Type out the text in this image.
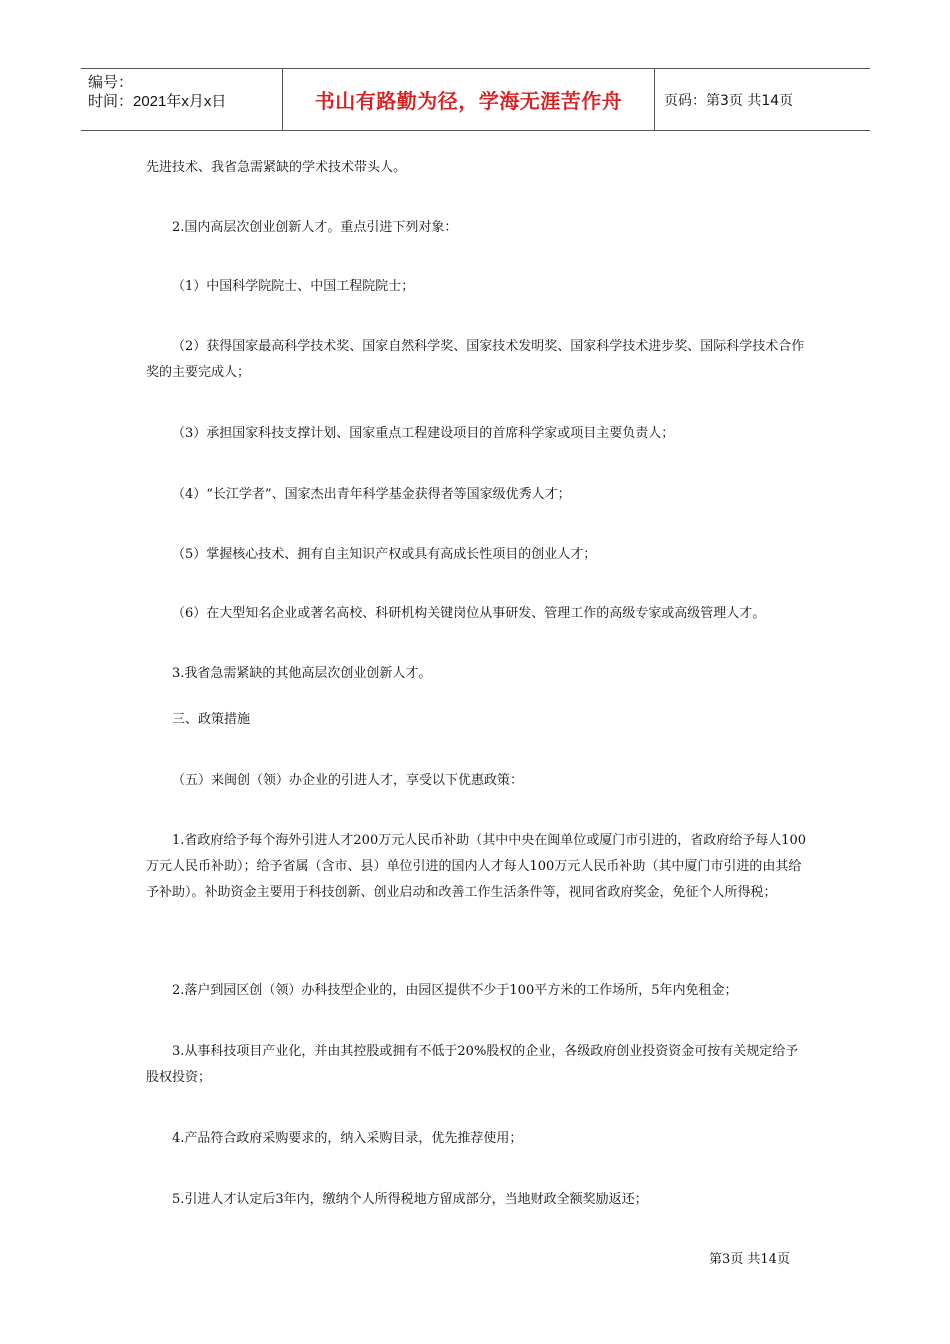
编号：
时间：2021年x月x日	书山有路勤为径，学海无涯苦作舟	页码：第3页 共14页

先进技术、我省急需紧缺的学术技术带头人。

2.国内高层次创业创新人才。重点引进下列对象：

（1）中国科学院院士、中国工程院院士；

（2）获得国家最高科学技术奖、国家自然科学奖、国家技术发明奖、国家科学技术进步奖、国际科学技术合作奖的主要完成人；

（3）承担国家科技支撑计划、国家重点工程建设项目的首席科学家或项目主要负责人；

（4）“长江学者”、国家杰出青年科学基金获得者等国家级优秀人才；

（5）掌握核心技术、拥有自主知识产权或具有高成长性项目的创业人才；

（6）在大型知名企业或著名高校、科研机构关键岗位从事研发、管理工作的高级专家或高级管理人才。

3.我省急需紧缺的其他高层次创业创新人才。

三、政策措施

（五）来闽创（领）办企业的引进人才，享受以下优惠政策：

1.省政府给予每个海外引进人才200万元人民币补助（其中中央在闽单位或厦门市引进的，省政府给予每人100万元人民币补助）；给予省属（含市、县）单位引进的国内人才每人100万元人民币补助（其中厦门市引进的由其给予补助）。补助资金主要用于科技创新、创业启动和改善工作生活条件等，视同省政府奖金，免征个人所得税；

2.落户到园区创（领）办科技型企业的，由园区提供不少于100平方米的工作场所，5年内免租金；

3.从事科技项目产业化，并由其控股或拥有不低于20%股权的企业，各级政府创业投资资金可按有关规定给予股权投资；

4.产品符合政府采购要求的，纳入采购目录，优先推荐使用；

5.引进人才认定后3年内，缴纳个人所得税地方留成部分，当地财政全额奖励返还；

第3页 共14页
